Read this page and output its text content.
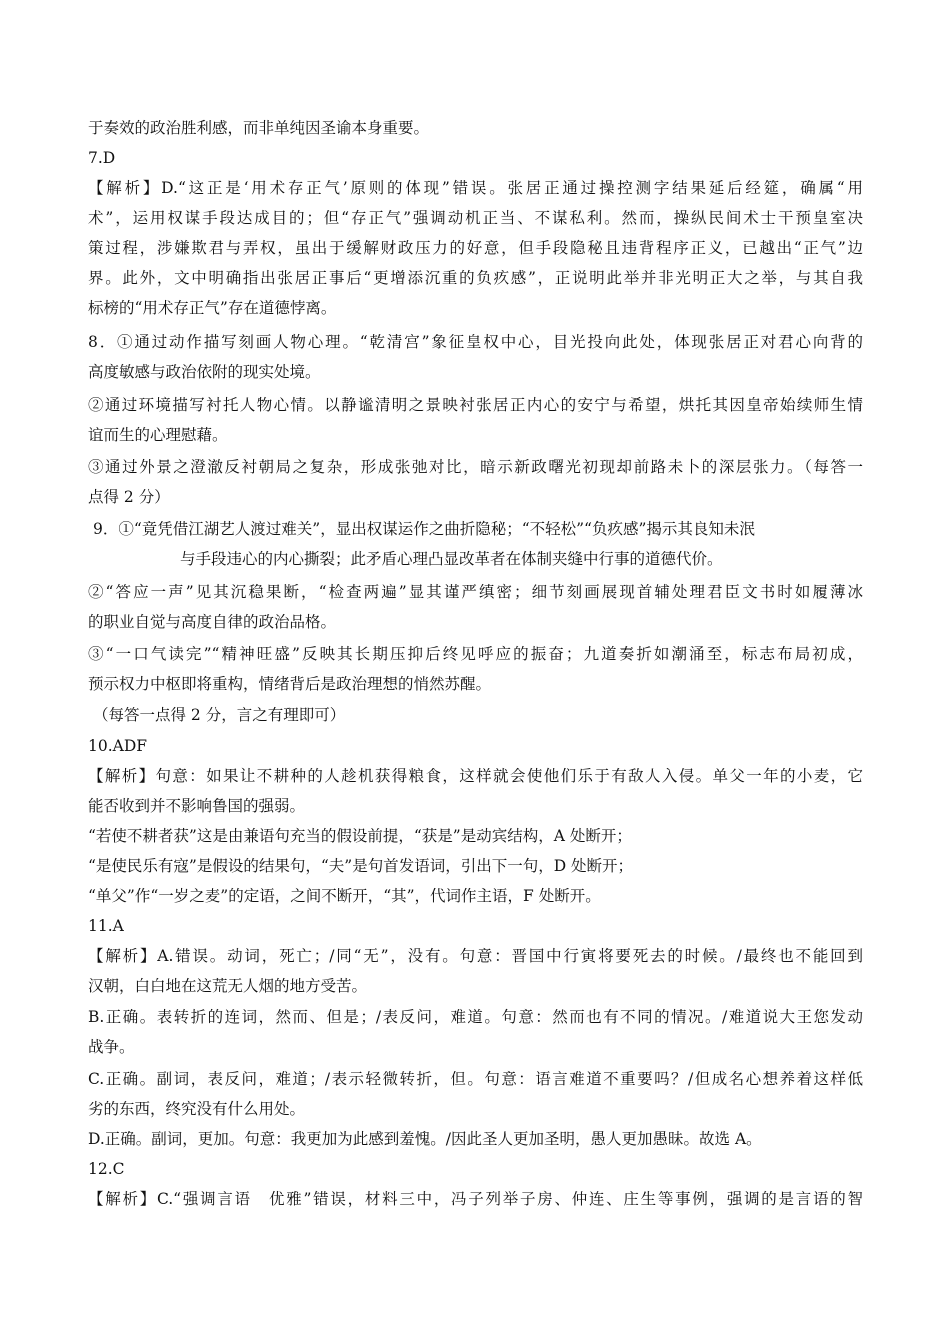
于奏效的政治胜利感，而非单纯因圣谕本身重要。
7.D
【解析】D.“这正是‘用术存正气’原则的体现”错误。张居正通过操控测字结果延后经筵，确属“用
术”，运用权谋手段达成目的；但“存正气”强调动机正当、不谋私利。然而，操纵民间术士干预皇室决
策过程，涉嫌欺君与弄权，虽出于缓解财政压力的好意，但手段隐秘且违背程序正义，已越出“正气”边
界。此外，文中明确指出张居正事后“更增添沉重的负疚感”，正说明此举并非光明正大之举，与其自我
标榜的“用术存正气”存在道德悖离。
8．①通过动作描写刻画人物心理。“乾清宫”象征皇权中心，目光投向此处，体现张居正对君心向背的
高度敏感与政治依附的现实处境。
②通过环境描写衬托人物心情。以静谧清明之景映衬张居正内心的安宁与希望，烘托其因皇帝始续师生情
谊而生的心理慰藉。
③通过外景之澄澈反衬朝局之复杂，形成张弛对比，暗示新政曙光初现却前路未卜的深层张力。（每答一
点得 2 分）
9．①“竟凭借江湖艺人渡过难关”，显出权谋运作之曲折隐秘；“不轻松”“负疚感”揭示其良知未泯
与手段违心的内心撕裂；此矛盾心理凸显改革者在体制夹缝中行事的道德代价。
②“答应一声”见其沉稳果断，“检查两遍”显其谨严缜密；细节刻画展现首辅处理君臣文书时如履薄冰
的职业自觉与高度自律的政治品格。
③“一口气读完”“精神旺盛”反映其长期压抑后终见呼应的振奋；九道奏折如潮涌至，标志布局初成，
预示权力中枢即将重构，情绪背后是政治理想的悄然苏醒。
（每答一点得 2 分，言之有理即可）
10.ADF
【解析】句意：如果让不耕种的人趁机获得粮食，这样就会使他们乐于有敌人入侵。单父一年的小麦，它
能否收到并不影响鲁国的强弱。
“若使不耕者获”这是由兼语句充当的假设前提，“获是”是动宾结构，A 处断开；
“是使民乐有寇”是假设的结果句，“夫”是句首发语词，引出下一句，D 处断开；
“单父”作“一岁之麦”的定语，之间不断开，“其”，代词作主语，F 处断开。
11.A
【解析】A.错误。动词，死亡；/同“无”，没有。句意：晋国中行寅将要死去的时候。/最终也不能回到
汉朝，白白地在这荒无人烟的地方受苦。
B.正确。表转折的连词，然而、但是；/表反问，难道。句意：然而也有不同的情况。/难道说大王您发动
战争。
C.正确。副词，表反问，难道；/表示轻微转折，但。句意：语言难道不重要吗？/但成名心想养着这样低
劣的东西，终究没有什么用处。
D.正确。副词，更加。句意：我更加为此感到羞愧。/因此圣人更加圣明，愚人更加愚昧。故选 A。
12.C
【解析】C.“强调言语　优雅”错误，材料三中，冯子列举子房、仲连、庄生等事例，强调的是言语的智
